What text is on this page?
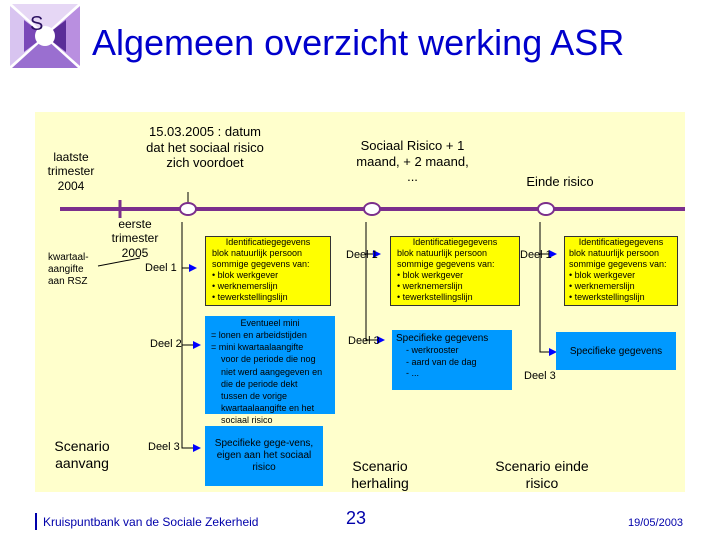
S Algemeen overzicht werking ASR
laatste trimester 2004
15.03.2005 : datum dat het sociaal risico zich voordoet
Sociaal Risico + 1 maand, + 2 maand, ...	Einde risico
eerste trimester 2005
kwartaal-aangifte aan RSZ
Deel 1
Identificatiegegevens
blok natuurlijk persoon
sommige gegevens van:
• blok werkgever
• werknemerslijn
• tewerkstellingslijn
Deel 2
Eventueel mini
= lonen en arbeidstijden
= mini kwartaalaangifte
voor de periode die nog
niet werd aangegeven en
die de periode dekt
tussen de vorige
kwartaalaangifte en het
sociaal risico
Deel 3	Specifieke gege-vens, eigen aan het sociaal risico
Scenario aanvang
Deel 1
Identificatiegegevens
blok natuurlijk persoon
sommige gegevens van:
• blok werkgever
• werknemerslijn
• tewerkstellingslijn
Deel 3 Specifieke gegevens
- werkrooster
- aard van de dag
- ...
Scenario herhaling
Deel 1
Identificatiegegevens
blok natuurlijk persoon
sommige gegevens van:
• blok werkgever
• werknemerslijn
• tewerkstellingslijn
Deel 3
Specifieke gegevens
Scenario einde risico
Kruispuntbank van de Sociale Zekerheid	23	19/05/2003
